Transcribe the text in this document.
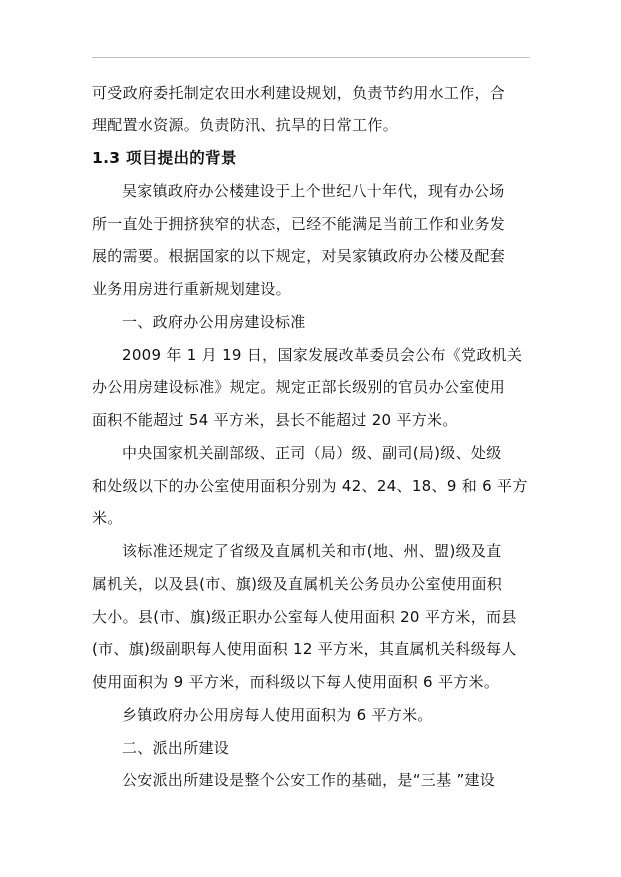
可受政府委托制定农田水利建设规划，负责节约用水工作，合
理配置水资源。负责防汛、抗旱的日常工作。
1.3 项目提出的背景
吴家镇政府办公楼建设于上个世纪八十年代，现有办公场
所一直处于拥挤狭窄的状态，已经不能满足当前工作和业务发
展的需要。根据国家的以下规定，对吴家镇政府办公楼及配套
业务用房进行重新规划建设。
一、政府办公用房建设标准
2009 年 1 月 19 日，国家发展改革委员会公布《党政机关
办公用房建设标准》规定。规定正部长级别的官员办公室使用
面积不能超过 54 平方米，县长不能超过 20 平方米。
中央国家机关副部级、正司（局）级、副司(局)级、处级
和处级以下的办公室使用面积分别为 42、24、18、9 和 6 平方
米。
该标准还规定了省级及直属机关和市(地、州、盟)级及直
属机关，以及县(市、旗)级及直属机关公务员办公室使用面积
大小。县(市、旗)级正职办公室每人使用面积 20 平方米，而县
(市、旗)级副职每人使用面积 12 平方米，其直属机关科级每人
使用面积为 9 平方米，而科级以下每人使用面积 6 平方米。
乡镇政府办公用房每人使用面积为 6 平方米。
二、派出所建设
公安派出所建设是整个公安工作的基础，是“三基 ”建设
